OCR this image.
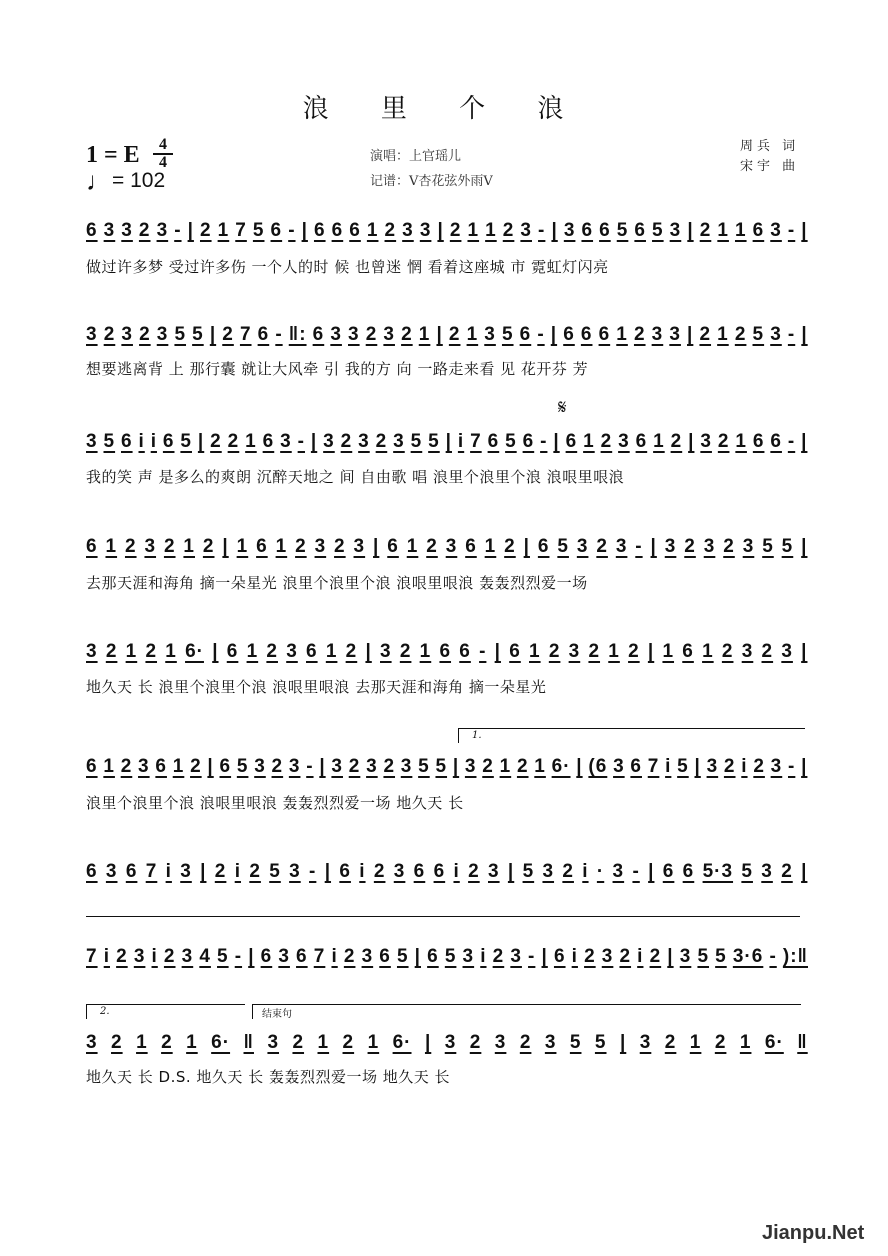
浪 里 个 浪
1 = E	4
4
♩= 102
演唱：上官瑶儿
记谱：V杏花弦外雨V
周兵 词
宋宇 曲
6 3 3 2 3 - | 2 1 7 5 6 - | 6 6 6 1 2 3 3 | 2 1 1 2 3 - | 3 6 6 5 6 5 3 | 2 1 1 6 3 - |
做过许多梦 受过许多伤 一个人的时 候 也曾迷 惘 看着这座城 市 霓虹灯闪亮
3 2 3 2 3 5 5 | 2 7 6 - ‖: 6 3 3 2 3 2 1 | 2 1 3 5 6 - | 6 6 6 1 2 3 3 | 2 1 2 5 3 - |
想要逃离背 上 那行囊 就让大风牵 引 我的方 向 一路走来看 见 花开芬 芳
𝄋
3 5 6 i i 6 5 | 2 2 1 6 3 - | 3 2 3 2 3 5 5 | i 7 6 5 6 - | 6 1 2 3 6 1 2 | 3 2 1 6 6 - |
我的笑 声 是多么的爽朗 沉醉天地之 间 自由歌 唱 浪里个浪里个浪 浪哏里哏浪
6 1 2 3 2 1 2 | 1 6 1 2 3 2 3 | 6 1 2 3 6 1 2 | 6 5 3 2 3 - | 3 2 3 2 3 5 5 |
去那天涯和海角 摘一朵星光 浪里个浪里个浪 浪哏里哏浪 轰轰烈烈爱一场
3 2 1 2 1 6· | 6 1 2 3 6 1 2 | 3 2 1 6 6 - | 6 1 2 3 2 1 2 | 1 6 1 2 3 2 3 |
地久天 长 浪里个浪里个浪 浪哏里哏浪 去那天涯和海角 摘一朵星光
1.
6 1 2 3 6 1 2 | 6 5 3 2 3 - | 3 2 3 2 3 5 5 | 3 2 1 2 1 6· | (6 3 6 7 i 5 | 3 2 i 2 3 - |
浪里个浪里个浪 浪哏里哏浪 轰轰烈烈爱一场 地久天 长
6 3 6 7 i 3 | 2 i 2 5 3 - | 6 i 2 3 6 6 i 2 3 | 5 3 2 i · 3 - | 6 6 5·3 5 3 2 |
7 i 2 3 i 2 3 4 5 - | 6 3 6 7 i 2 3 6 5 | 6 5 3 i 2 3 - | 6 i 2 3 2 i 2 | 3 5 5 3·6 - ):‖
2.	结束句
3 2 1 2 1 6· ‖ 3 2 1 2 1 6· | 3 2 3 2 3 5 5 | 3 2 1 2 1 6· ‖
地久天 长 D.S. 地久天 长 轰轰烈烈爱一场 地久天 长
Jianpu.Net
